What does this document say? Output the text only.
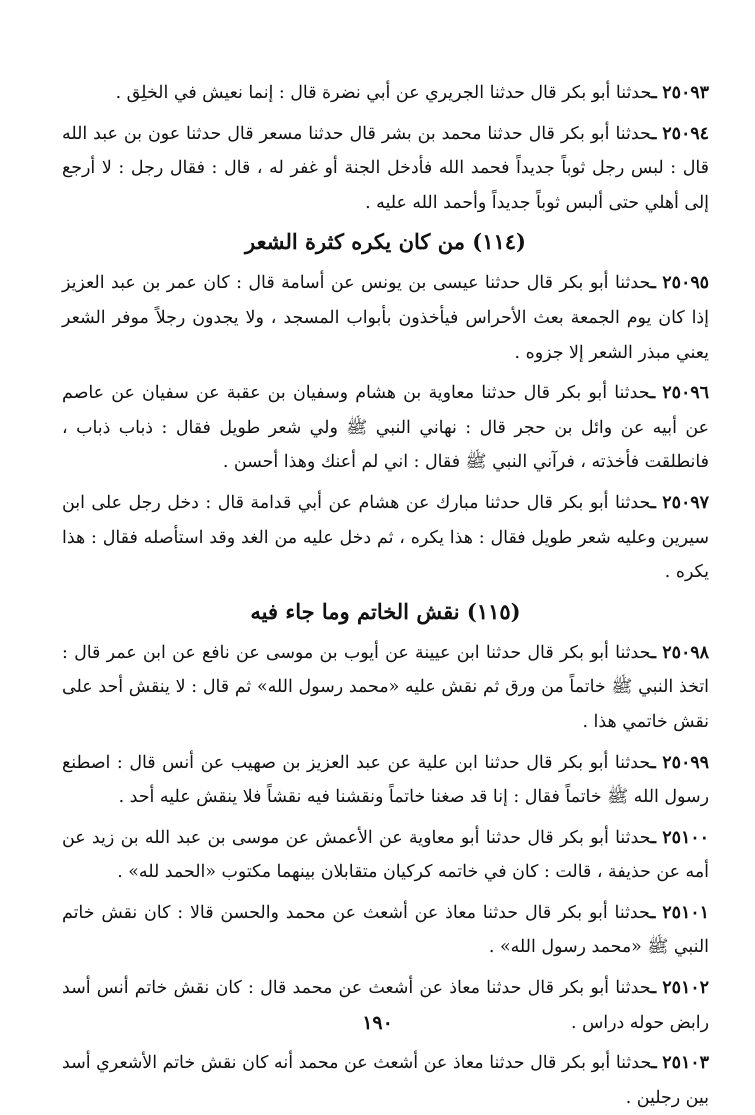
٢٥٠٩٣ ـحدثنا أبو بكر قال حدثنا الجريري عن أبي نضرة قال : إنما نعيش في الخلِق .

٢٥٠٩٤ ـحدثنا أبو بكر قال حدثنا محمد بن بشر قال حدثنا مسعر قال حدثنا عون بن عبد الله قال : لبس رجل ثوباً جديداً فحمد الله فأدخل الجنة أو غفر له ، قال : فقال رجل : لا أرجع إلى أهلي حتى ألبس ثوباً جديداً وأحمد الله عليه .

(١١٤) من كان يكره كثرة الشعر

٢٥٠٩٥ ـحدثنا أبو بكر قال حدثنا عيسى بن يونس عن أسامة قال : كان عمر بن عبد العزيز إذا كان يوم الجمعة بعث الأحراس فيأخذون بأبواب المسجد ، ولا يجدون رجلاً موفر الشعر يعني مبذر الشعر إلا جزوه .

٢٥٠٩٦ ـحدثنا أبو بكر قال حدثنا معاوية بن هشام وسفيان بن عقبة عن سفيان عن عاصم عن أبيه عن وائل بن حجر قال : نهاني النبي ﷺ ولي شعر طويل فقال : ذباب ذباب ، فانطلقت فأخذته ، فرآني النبي ﷺ فقال : اني لم أعنك وهذا أحسن .

٢٥٠٩٧ ـحدثنا أبو بكر قال حدثنا مبارك عن هشام عن أبي قدامة قال : دخل رجل على ابن سيرين وعليه شعر طويل فقال : هذا يكره ، ثم دخل عليه من الغد وقد استأصله فقال : هذا يكره .

(١١٥) نقش الخاتم وما جاء فيه

٢٥٠٩٨ ـحدثنا أبو بكر قال حدثنا ابن عيينة عن أيوب بن موسى عن نافع عن ابن عمر قال : اتخذ النبي ﷺ خاتماً من ورق ثم نقش عليه «محمد رسول الله» ثم قال : لا ينقش أحد على نقش خاتمي هذا .

٢٥٠٩٩ ـحدثنا أبو بكر قال حدثنا ابن علية عن عبد العزيز بن صهيب عن أنس قال : اصطنع رسول الله ﷺ خاتماً فقال : إنا قد صغنا خاتماً ونقشنا فيه نقشاً فلا ينقش عليه أحد .

٢٥١٠٠ ـحدثنا أبو بكر قال حدثنا أبو معاوية عن الأعمش عن موسى بن عبد الله بن زيد عن أمه عن حذيفة ، قالت : كان في خاتمه كركيان متقابلان بينهما مكتوب «الحمد لله» .

٢٥١٠١ ـحدثنا أبو بكر قال حدثنا معاذ عن أشعث عن محمد والحسن قالا : كان نقش خاتم النبي ﷺ «محمد رسول الله» .

٢٥١٠٢ ـحدثنا أبو بكر قال حدثنا معاذ عن أشعث عن محمد قال : كان نقش خاتم أنس أسد رابض حوله دراس .

٢٥١٠٣ ـحدثنا أبو بكر قال حدثنا معاذ عن أشعث عن محمد أنه كان نقش خاتم الأشعري أسد بين رجلين .

١٩٠
